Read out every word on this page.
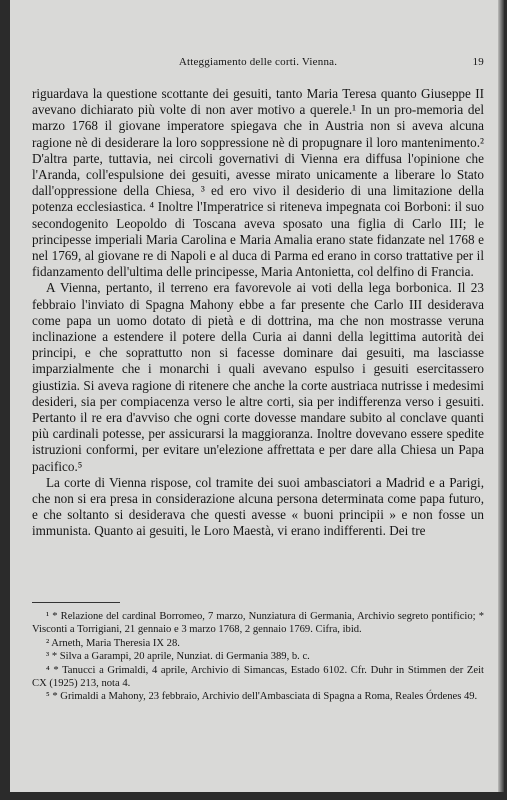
Atteggiamento delle corti. Vienna.	19

riguardava la questione scottante dei gesuiti, tanto Maria Teresa quanto Giuseppe II avevano dichiarato più volte di non aver motivo a querele.¹ In un pro-memoria del marzo 1768 il giovane imperatore spiegava che in Austria non si aveva alcuna ragione nè di desiderare la loro soppressione nè di propugnare il loro mantenimento.² D'altra parte, tuttavia, nei circoli governativi di Vienna era diffusa l'opinione che l'Aranda, coll'espulsione dei gesuiti, avesse mirato unicamente a liberare lo Stato dall'oppressione della Chiesa, ³ ed ero vivo il desiderio di una limitazione della potenza ecclesiastica. ⁴ Inoltre l'Imperatrice si riteneva impegnata coi Borboni: il suo secondogenito Leopoldo di Toscana aveva sposato una figlia di Carlo III; le principesse imperiali Maria Carolina e Maria Amalia erano state fidanzate nel 1768 e nel 1769, al giovane re di Napoli e al duca di Parma ed erano in corso trattative per il fidanzamento dell'ultima delle principesse, Maria Antonietta, col delfino di Francia.

A Vienna, pertanto, il terreno era favorevole ai voti della lega borbonica. Il 23 febbraio l'inviato di Spagna Mahony ebbe a far presente che Carlo III desiderava come papa un uomo dotato di pietà e di dottrina, ma che non mostrasse veruna inclinazione a estendere il potere della Curia ai danni della legittima autorità dei principi, e che soprattutto non si facesse dominare dai gesuiti, ma lasciasse imparzialmente che i monarchi i quali avevano espulso i gesuiti esercitassero giustizia. Si aveva ragione di ritenere che anche la corte austriaca nutrisse i medesimi desideri, sia per compiacenza verso le altre corti, sia per indifferenza verso i gesuiti. Pertanto il re era d'avviso che ogni corte dovesse mandare subito al conclave quanti più cardinali potesse, per assicurarsi la maggioranza. Inoltre dovevano essere spedite istruzioni conformi, per evitare un'elezione affrettata e per dare alla Chiesa un Papa pacifico.⁵

La corte di Vienna rispose, col tramite dei suoi ambasciatori a Madrid e a Parigi, che non si era presa in considerazione alcuna persona determinata come papa futuro, e che soltanto si desiderava che questi avesse « buoni principii » e non fosse un immunista. Quanto ai gesuiti, le Loro Maestà, vi erano indifferenti. Dei tre

¹ * Relazione del cardinal Borromeo, 7 marzo, Nunziatura di Germania, Archivio segreto pontificio; * Visconti a Torrigiani, 21 gennaio e 3 marzo 1768, 2 gennaio 1769. Cifra, ibid.

² Arneth, Maria Theresia IX 28.

³ * Silva a Garampi, 20 aprile, Nunziat. di Germania 389, b. c.

⁴ * Tanucci a Grimaldi, 4 aprile, Archivio di Simancas, Estado 6102. Cfr. Duhr in Stimmen der Zeit CX (1925) 213, nota 4.

⁵ * Grimaldi a Mahony, 23 febbraio, Archivio dell'Ambasciata di Spagna a Roma, Reales Órdenes 49.
